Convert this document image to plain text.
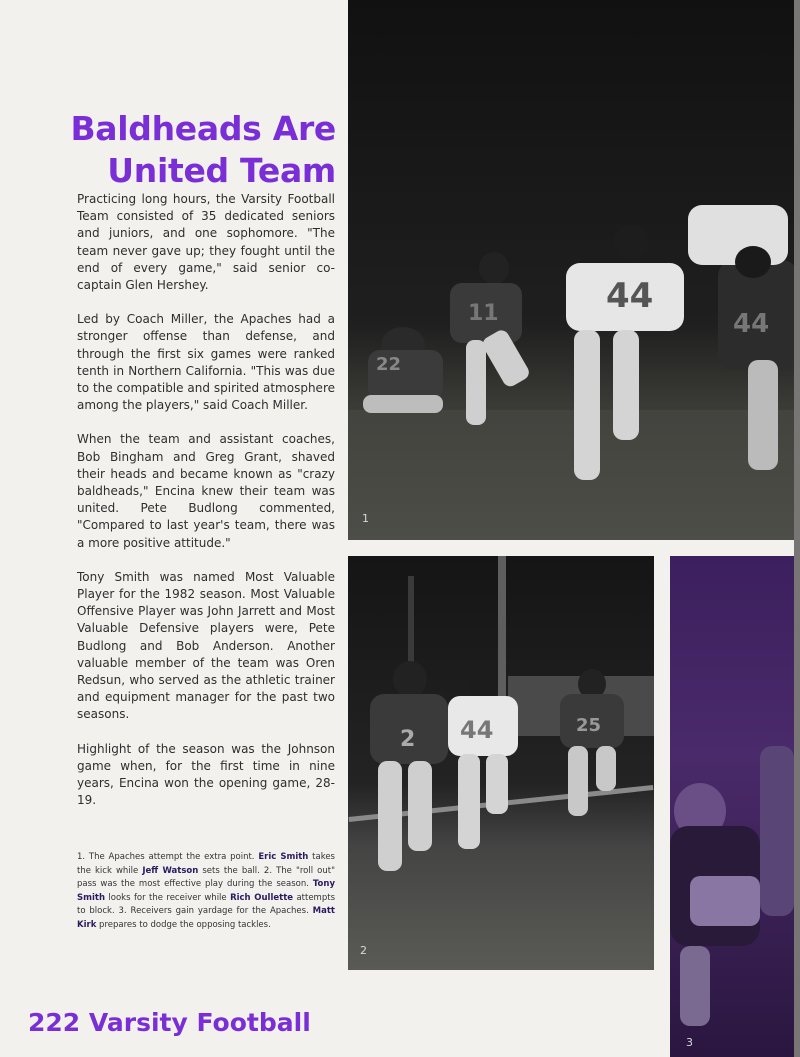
Baldheads Are
United Team

Practicing long hours, the Varsity Football Team consisted of 35 dedicated seniors and juniors, and one sophomore. "The team never gave up; they fought until the end of every game," said senior co-captain Glen Hershey.

Led by Coach Miller, the Apaches had a stronger offense than defense, and through the first six games were ranked tenth in Northern California. "This was due to the compatible and spirited atmosphere among the players," said Coach Miller.

When the team and assistant coaches, Bob Bingham and Greg Grant, shaved their heads and became known as "crazy baldheads," Encina knew their team was united. Pete Budlong commented, "Compared to last year's team, there was a more positive attitude."

Tony Smith was named Most Valuable Player for the 1982 season. Most Valuable Offensive Player was John Jarrett and Most Valuable Defensive players were, Pete Budlong and Bob Anderson. Another valuable member of the team was Oren Redsun, who served as the athletic trainer and equipment manager for the past two seasons.

Highlight of the season was the Johnson game when, for the first time in nine years, Encina won the opening game, 28-19.

1. The Apaches attempt the extra point. Eric Smith takes the kick while Jeff Watson sets the ball. 2. The "roll out" pass was the most effective play during the season. Tony Smith looks for the receiver while Rich Oullette attempts to block. 3. Receivers gain yardage for the Apaches. Matt Kirk prepares to dodge the opposing tackles.
222 Varsity Football
1
44
44
11
22
2
2 44	25
3
